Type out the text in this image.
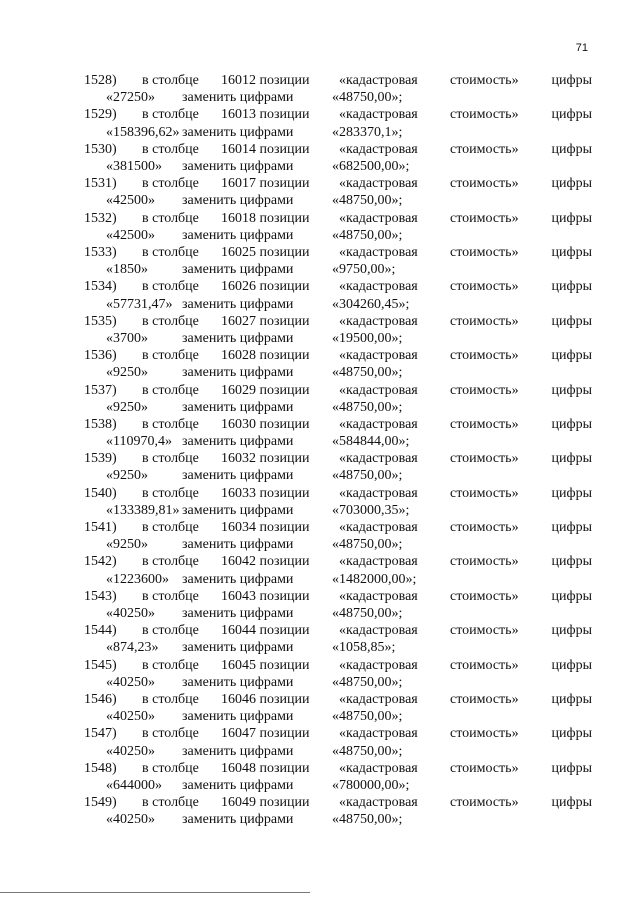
71
1528) в столбце 16012 позиции «кадастровая стоимость» цифры
«27250» заменить цифрами	«48750,00»;
1529) в столбце 16013 позиции «кадастровая стоимость» цифры
«158396,62» заменить цифрами	«283370,1»;
1530) в столбце 16014 позиции «кадастровая стоимость» цифры
«381500» заменить цифрами	«682500,00»;
1531) в столбце 16017 позиции «кадастровая стоимость» цифры
«42500» заменить цифрами	«48750,00»;
1532) в столбце 16018 позиции «кадастровая стоимость» цифры
«42500» заменить цифрами	«48750,00»;
1533) в столбце 16025 позиции «кадастровая стоимость» цифры
«1850» заменить цифрами	«9750,00»;
1534) в столбце 16026 позиции «кадастровая стоимость» цифры
«57731,47» заменить цифрами	«304260,45»;
1535) в столбце 16027 позиции «кадастровая стоимость» цифры
«3700» заменить цифрами	«19500,00»;
1536) в столбце 16028 позиции «кадастровая стоимость» цифры
«9250» заменить цифрами	«48750,00»;
1537) в столбце 16029 позиции «кадастровая стоимость» цифры
«9250» заменить цифрами	«48750,00»;
1538) в столбце 16030 позиции «кадастровая стоимость» цифры
«110970,4» заменить цифрами	«584844,00»;
1539) в столбце 16032 позиции «кадастровая стоимость» цифры
«9250» заменить цифрами	«48750,00»;
1540) в столбце 16033 позиции «кадастровая стоимость» цифры
«133389,81» заменить цифрами	«703000,35»;
1541) в столбце 16034 позиции «кадастровая стоимость» цифры
«9250» заменить цифрами	«48750,00»;
1542) в столбце 16042 позиции «кадастровая стоимость» цифры
«1223600» заменить цифрами	«1482000,00»;
1543) в столбце 16043 позиции «кадастровая стоимость» цифры
«40250» заменить цифрами	«48750,00»;
1544) в столбце 16044 позиции «кадастровая стоимость» цифры
«874,23» заменить цифрами	«1058,85»;
1545) в столбце 16045 позиции «кадастровая стоимость» цифры
«40250» заменить цифрами	«48750,00»;
1546) в столбце 16046 позиции «кадастровая стоимость» цифры
«40250» заменить цифрами	«48750,00»;
1547) в столбце 16047 позиции «кадастровая стоимость» цифры
«40250» заменить цифрами	«48750,00»;
1548) в столбце 16048 позиции «кадастровая стоимость» цифры
«644000» заменить цифрами	«780000,00»;
1549) в столбце 16049 позиции «кадастровая стоимость» цифры
«40250» заменить цифрами	«48750,00»;
